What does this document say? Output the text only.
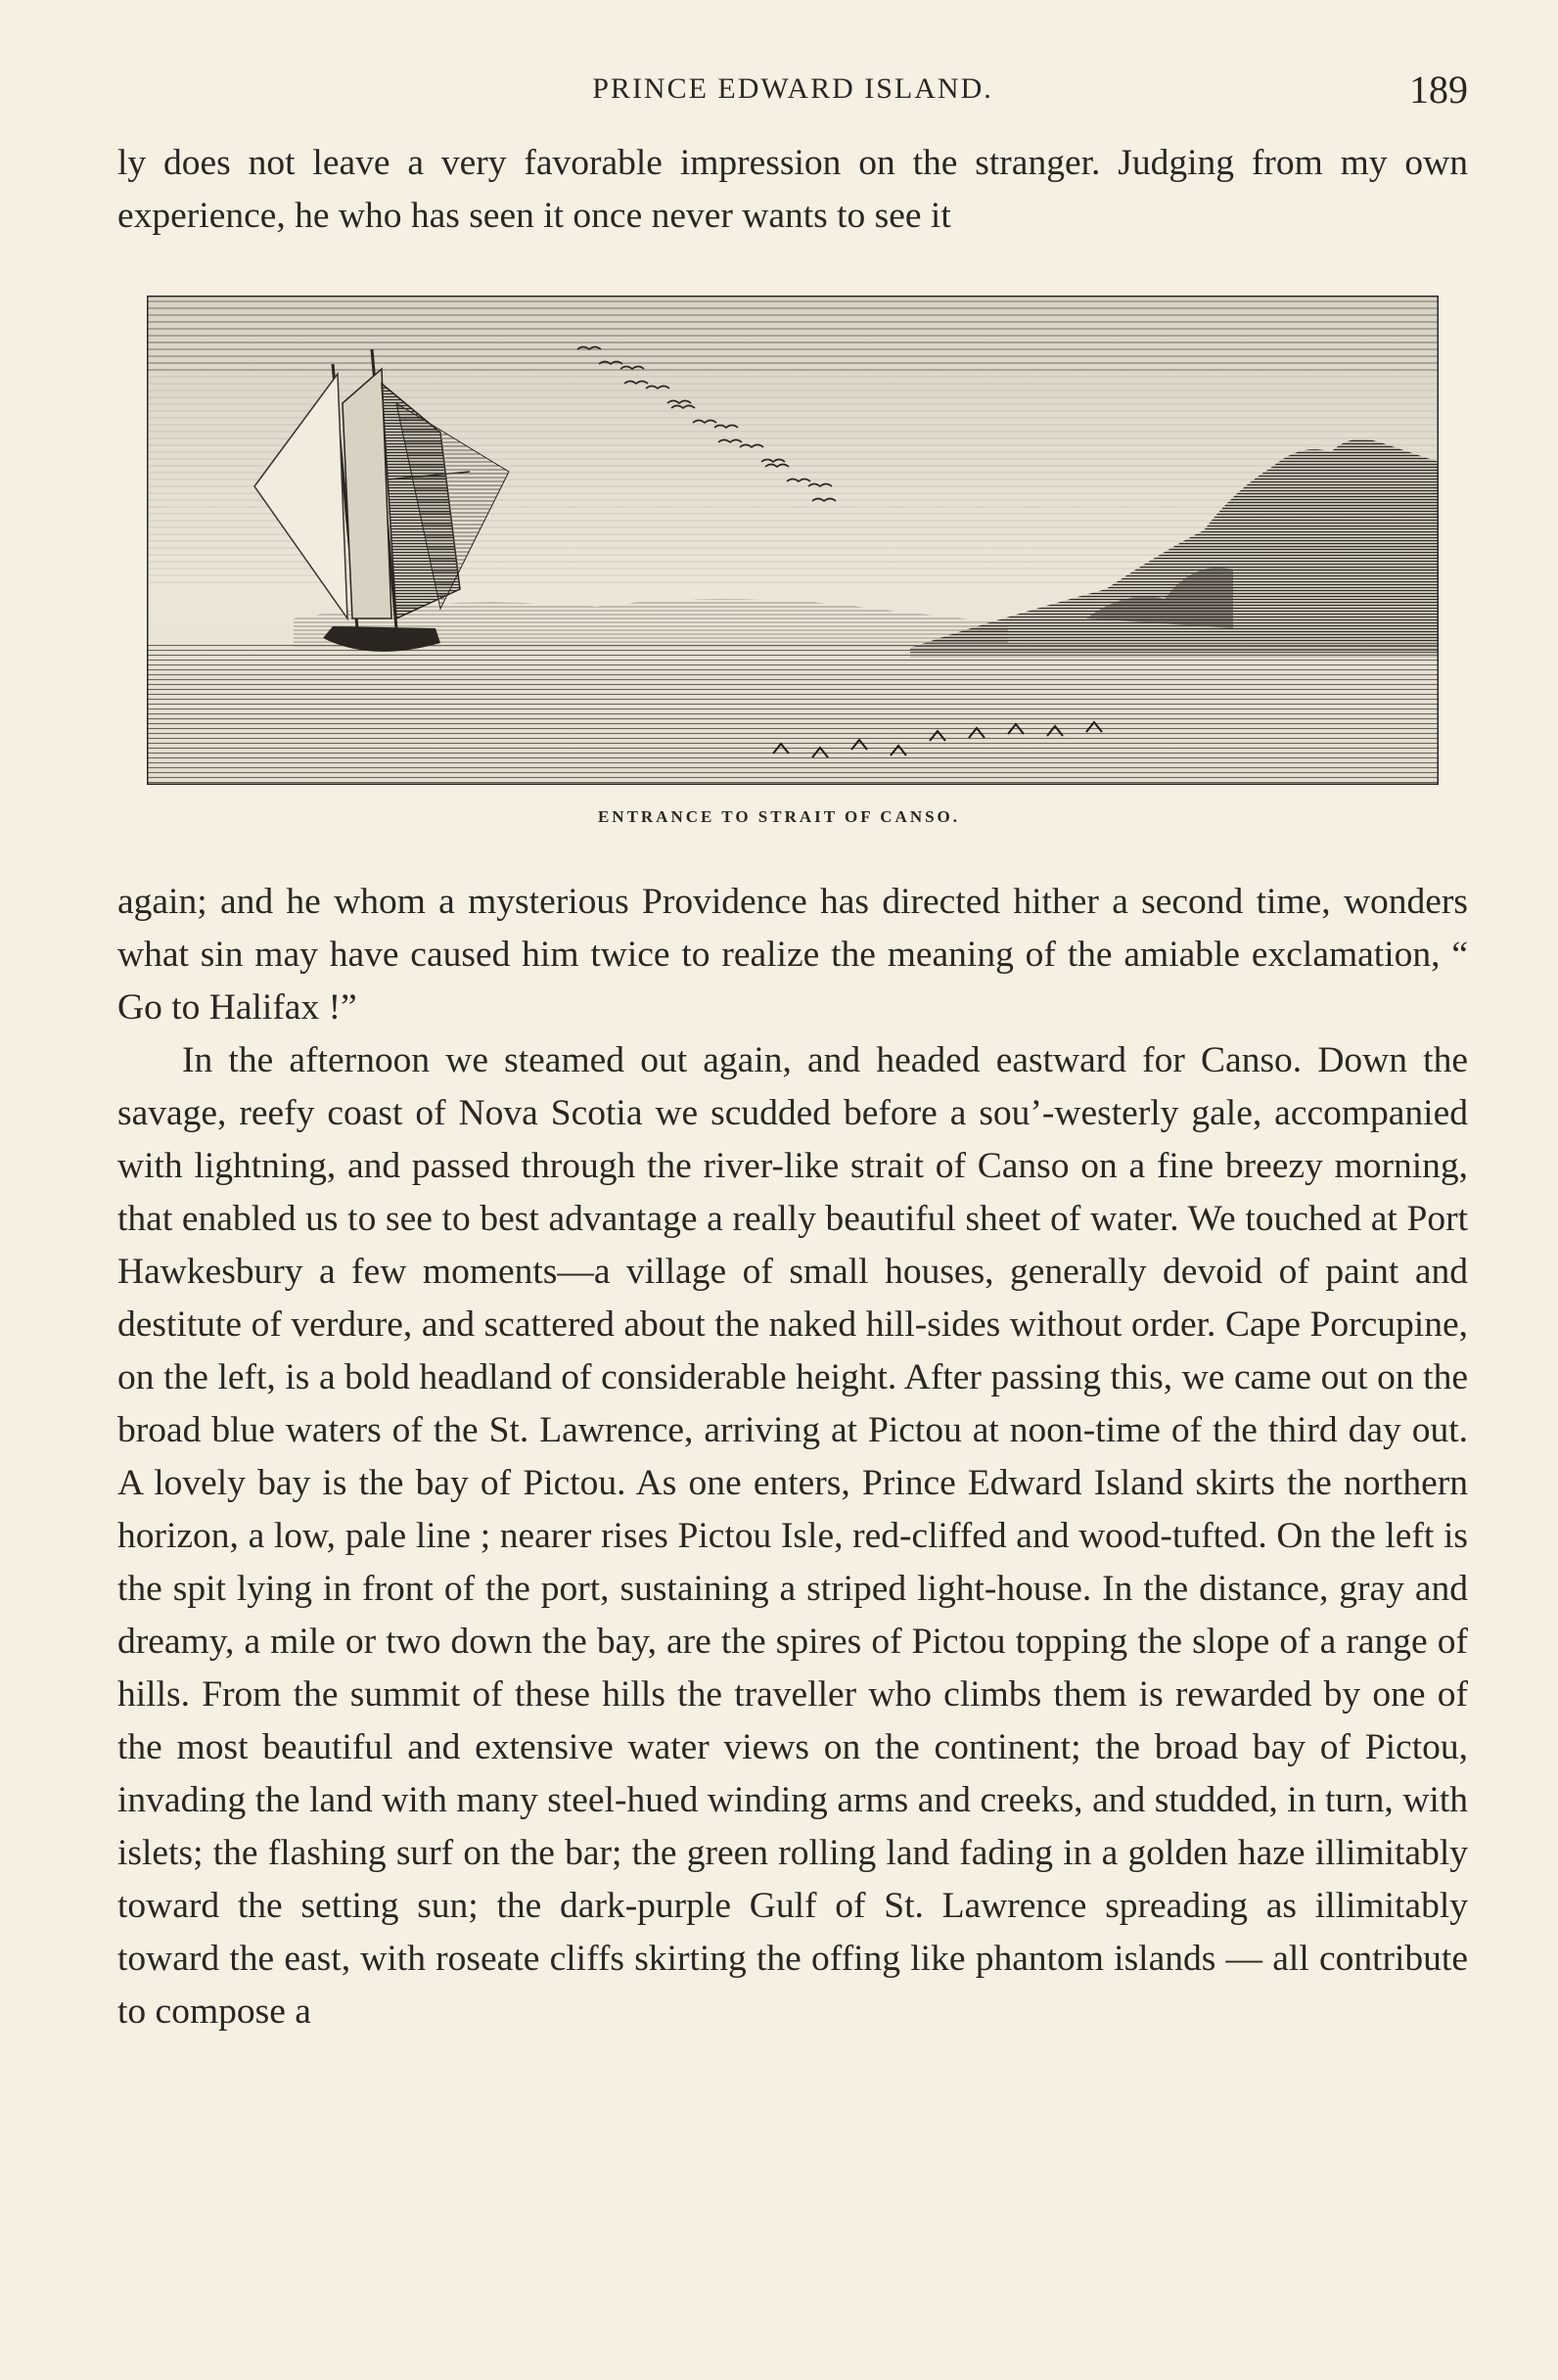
PRINCE EDWARD ISLAND.	189

ly does not leave a very favorable impression on the stranger. Judging from my own experience, he who has seen it once never wants to see it

ENTRANCE TO STRAIT OF CANSO.

again; and he whom a mysterious Providence has directed hither a second time, wonders what sin may have caused him twice to realize the meaning of the amiable exclamation, “ Go to Halifax !”

In the afternoon we steamed out again, and headed eastward for Canso. Down the savage, reefy coast of Nova Scotia we scudded before a sou’-westerly gale, accompanied with lightning, and passed through the river-like strait of Canso on a fine breezy morning, that enabled us to see to best advantage a really beautiful sheet of water. We touched at Port Hawkesbury a few moments—a village of small houses, generally devoid of paint and destitute of verdure, and scattered about the naked hill-sides without order. Cape Porcupine, on the left, is a bold headland of considerable height. After passing this, we came out on the broad blue waters of the St. Lawrence, arriving at Pictou at noon-time of the third day out. A lovely bay is the bay of Pictou. As one enters, Prince Edward Island skirts the northern horizon, a low, pale line ; nearer rises Pictou Isle, red-cliffed and wood-tufted. On the left is the spit lying in front of the port, sustaining a striped light-house. In the distance, gray and dreamy, a mile or two down the bay, are the spires of Pictou topping the slope of a range of hills. From the summit of these hills the traveller who climbs them is rewarded by one of the most beautiful and extensive water views on the continent; the broad bay of Pictou, invading the land with many steel-hued winding arms and creeks, and studded, in turn, with islets; the flashing surf on the bar; the green rolling land fading in a golden haze illimitably toward the setting sun; the dark-purple Gulf of St. Lawrence spreading as illimitably toward the east, with roseate cliffs skirting the offing like phantom islands — all contribute to compose a
